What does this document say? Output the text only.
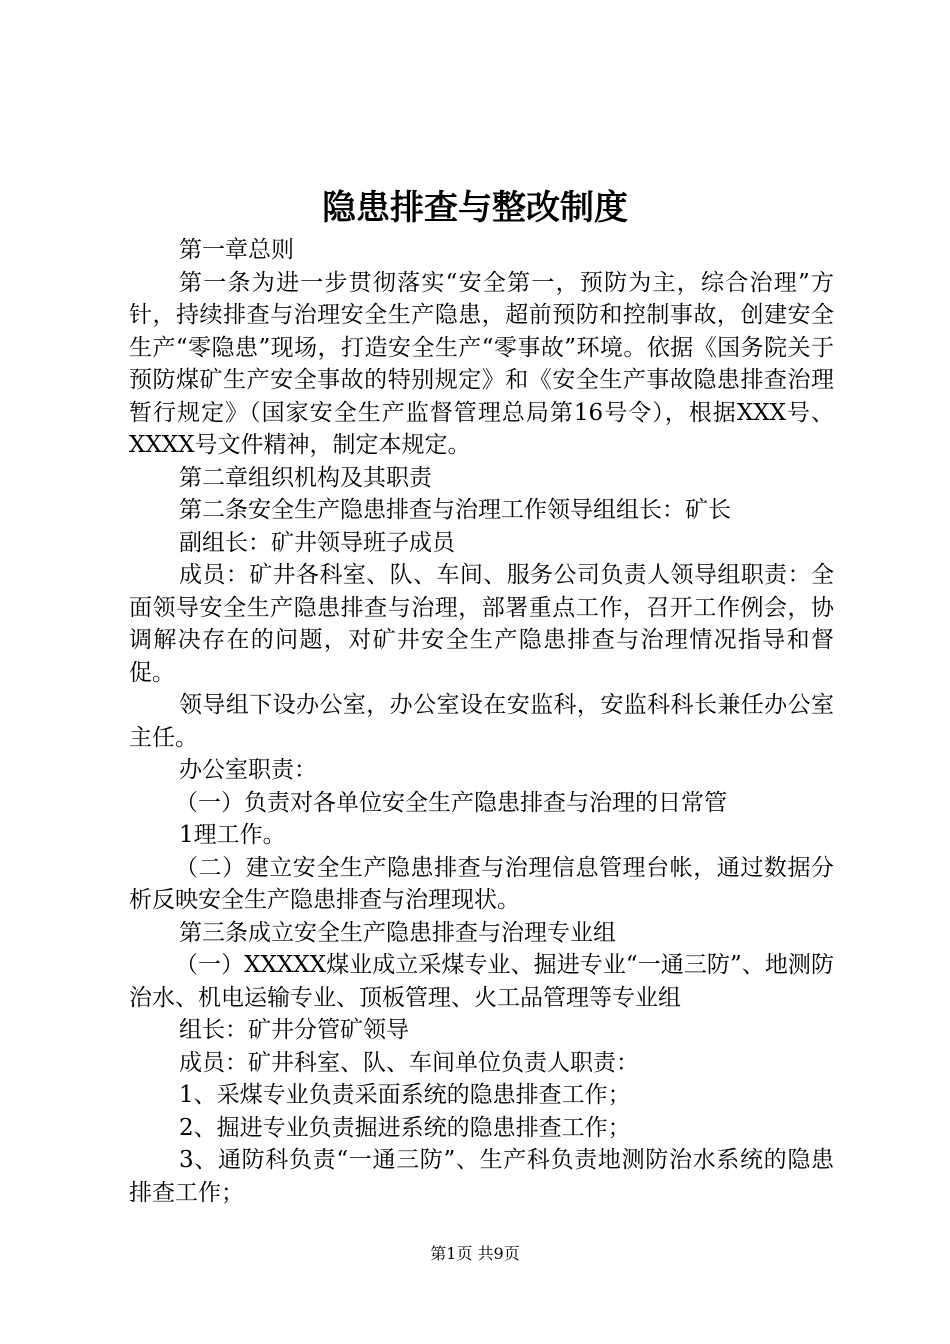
隐患排查与整改制度

第一章总则

第一条为进一步贯彻落实“安全第一，预防为主，综合治理”方针，持续排查与治理安全生产隐患，超前预防和控制事故，创建安全生产“零隐患”现场，打造安全生产“零事故”环境。依据《国务院关于预防煤矿生产安全事故的特别规定》和《安全生产事故隐患排查治理暂行规定》（国家安全生产监督管理总局第16号令），根据XXX号、XXXX号文件精神，制定本规定。

第二章组织机构及其职责

第二条安全生产隐患排查与治理工作领导组组长：矿长

副组长：矿井领导班子成员

成员：矿井各科室、队、车间、服务公司负责人领导组职责：全面领导安全生产隐患排查与治理，部署重点工作，召开工作例会，协调解决存在的问题，对矿井安全生产隐患排查与治理情况指导和督促。

领导组下设办公室，办公室设在安监科，安监科科长兼任办公室主任。

办公室职责：

（一）负责对各单位安全生产隐患排查与治理的日常管

1理工作。

（二）建立安全生产隐患排查与治理信息管理台帐，通过数据分析反映安全生产隐患排查与治理现状。

第三条成立安全生产隐患排查与治理专业组

（一）XXXXX煤业成立采煤专业、掘进专业“一通三防”、地测防治水、机电运输专业、顶板管理、火工品管理等专业组

组长：矿井分管矿领导

成员：矿井科室、队、车间单位负责人职责：

1、采煤专业负责采面系统的隐患排查工作；

2、掘进专业负责掘进系统的隐患排查工作；

3、通防科负责“一通三防”、生产科负责地测防治水系统的隐患排查工作；

第1页 共9页
